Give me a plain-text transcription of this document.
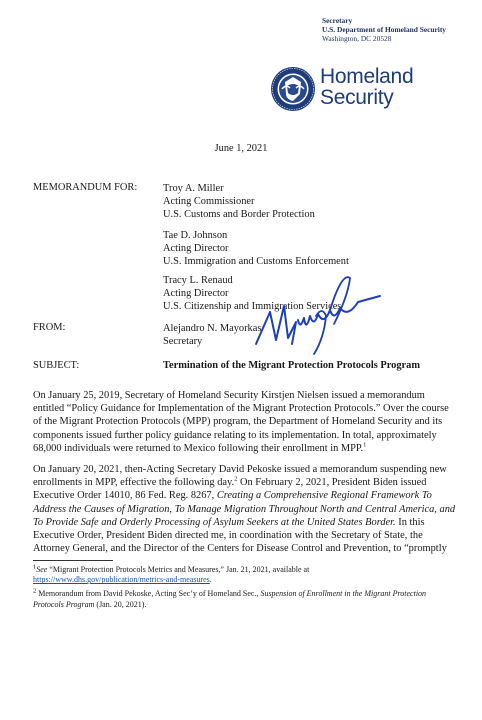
Secretary
U.S. Department of Homeland Security
Washington, DC 20528
Homeland
Security
June 1, 2021
MEMORANDUM FOR: Troy A. Miller
Acting Commissioner
U.S. Customs and Border Protection
Tae D. Johnson
Acting Director
U.S. Immigration and Customs Enforcement
Tracy L. Renaud
Acting Director
U.S. Citizenship and Immigration Services
FROM:	Alejandro N. Mayorkas
Secretary
SUBJECT:	Termination of the Migrant Protection Protocols Program

On January 25, 2019, Secretary of Homeland Security Kirstjen Nielsen issued a memorandum entitled “Policy Guidance for Implementation of the Migrant Protection Protocols.” Over the course of the Migrant Protection Protocols (MPP) program, the Department of Homeland Security and its components issued further policy guidance relating to its implementation. In total, approximately 68,000 individuals were returned to Mexico following their enrollment in MPP.$^1$

On January 20, 2021, then-Acting Secretary David Pekoske issued a memorandum suspending new enrollments in MPP, effective the following day.$^2$ On February 2, 2021, President Biden issued Executive Order 14010, 86 Fed. Reg. 8267, Creating a Comprehensive Regional Framework To Address the Causes of Migration, To Manage Migration Throughout North and Central America, and To Provide Safe and Orderly Processing of Asylum Seekers at the United States Border. In this Executive Order, President Biden directed me, in coordination with the Secretary of State, the Attorney General, and the Director of the Centers for Disease Control and Prevention, to “promptly

$^1$See “Migrant Protection Protocols Metrics and Measures,” Jan. 21, 2021, available at
https://www.dhs.gov/publication/metrics-and-measures.

$^2$ Memorandum from David Pekoske, Acting Sec’y of Homeland Sec., Suspension of Enrollment in the Migrant Protection Protocols Program (Jan. 20, 2021).
